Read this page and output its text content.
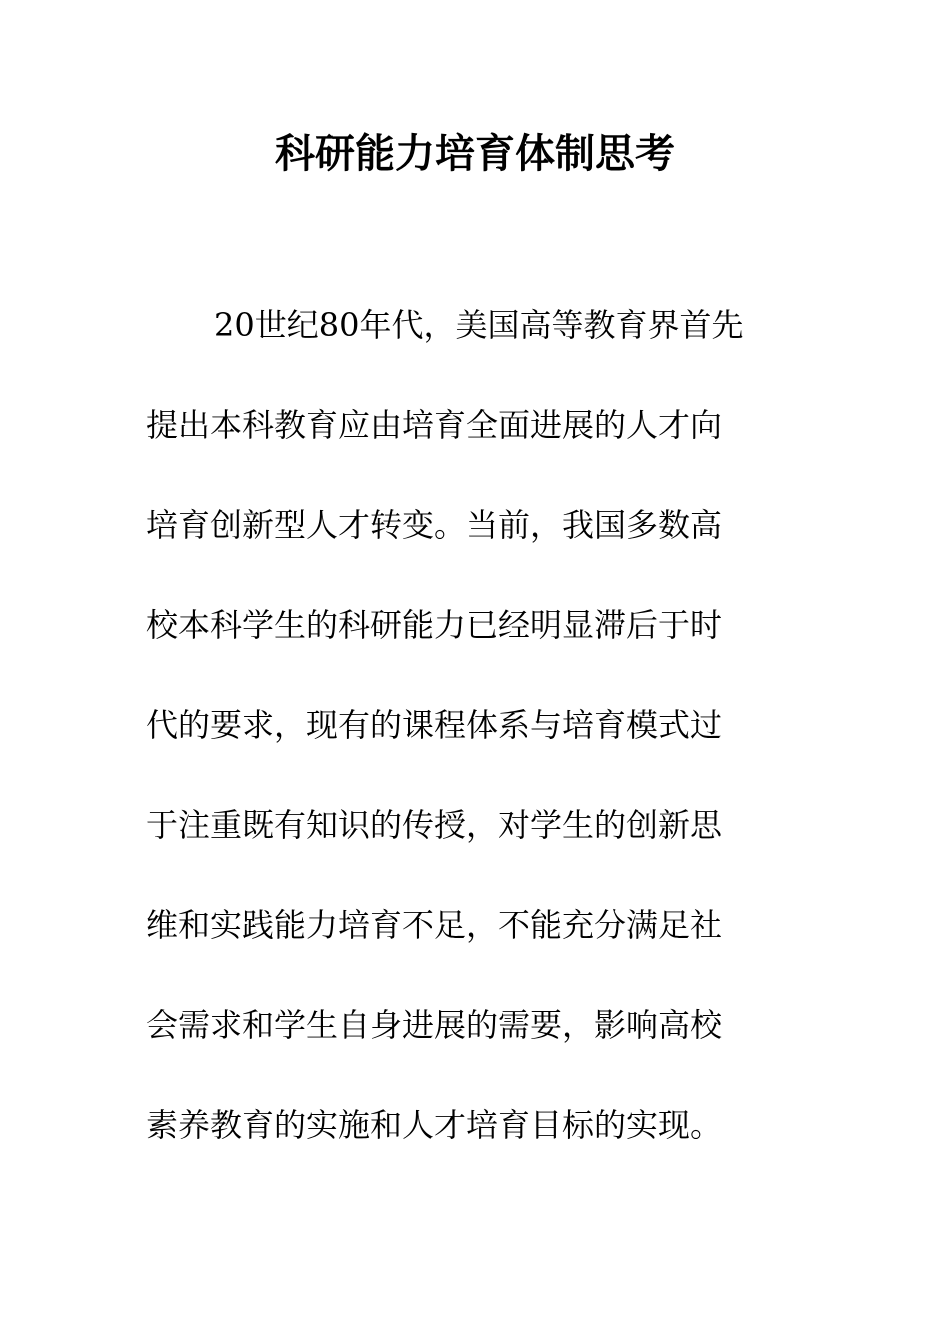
科研能力培育体制思考
20世纪80年代，美国高等教育界首先
提出本科教育应由培育全面进展的人才向
培育创新型人才转变。当前，我国多数高
校本科学生的科研能力已经明显滞后于时
代的要求，现有的课程体系与培育模式过
于注重既有知识的传授，对学生的创新思
维和实践能力培育不足，不能充分满足社
会需求和学生自身进展的需要，影响高校
素养教育的实施和人才培育目标的实现。
